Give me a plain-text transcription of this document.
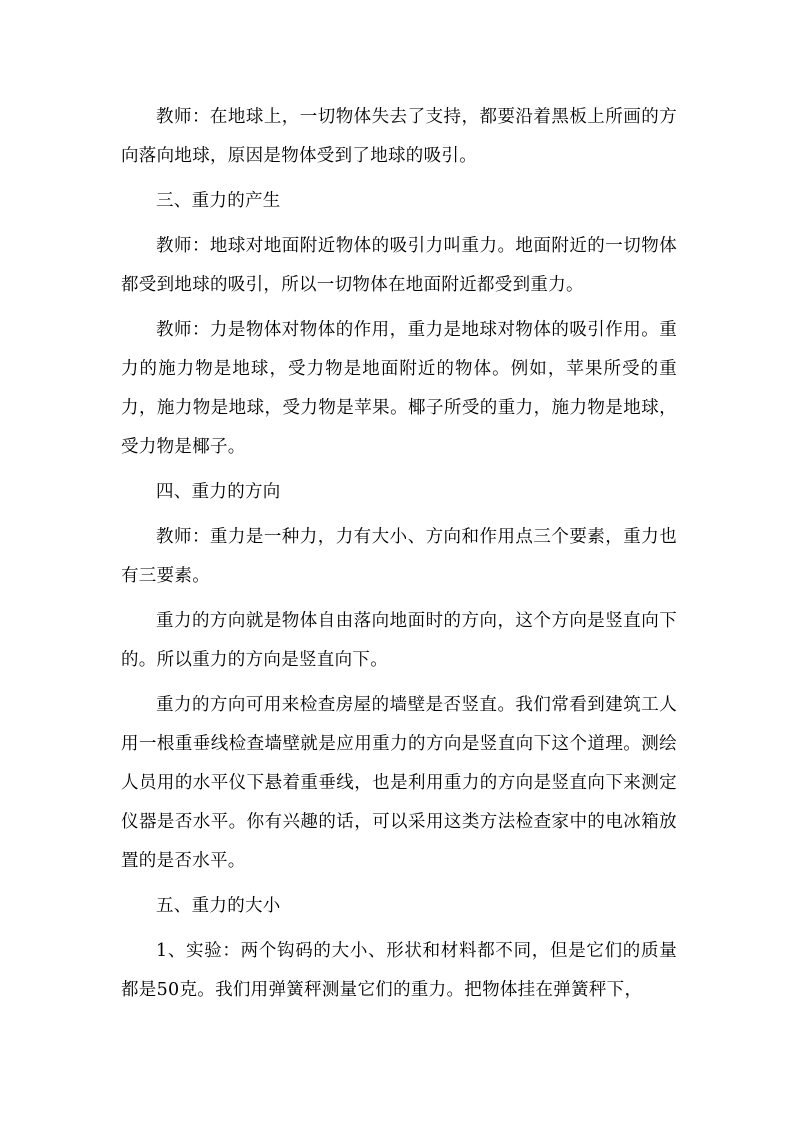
教师：在地球上，一切物体失去了支持，都要沿着黑板上所画的方向落向地球，原因是物体受到了地球的吸引。

三、重力的产生

教师：地球对地面附近物体的吸引力叫重力。地面附近的一切物体都受到地球的吸引，所以一切物体在地面附近都受到重力。

教师：力是物体对物体的作用，重力是地球对物体的吸引作用。重力的施力物是地球，受力物是地面附近的物体。例如，苹果所受的重力，施力物是地球，受力物是苹果。椰子所受的重力，施力物是地球，受力物是椰子。

四、重力的方向

教师：重力是一种力，力有大小、方向和作用点三个要素，重力也有三要素。

重力的方向就是物体自由落向地面时的方向，这个方向是竖直向下的。所以重力的方向是竖直向下。

重力的方向可用来检查房屋的墙壁是否竖直。我们常看到建筑工人用一根重垂线检查墙壁就是应用重力的方向是竖直向下这个道理。测绘人员用的水平仪下悬着重垂线，也是利用重力的方向是竖直向下来测定仪器是否水平。你有兴趣的话，可以采用这类方法检查家中的电冰箱放置的是否水平。

五、重力的大小

1、实验：两个钩码的大小、形状和材料都不同，但是它们的质量都是50克。我们用弹簧秤测量它们的重力。把物体挂在弹簧秤下，
